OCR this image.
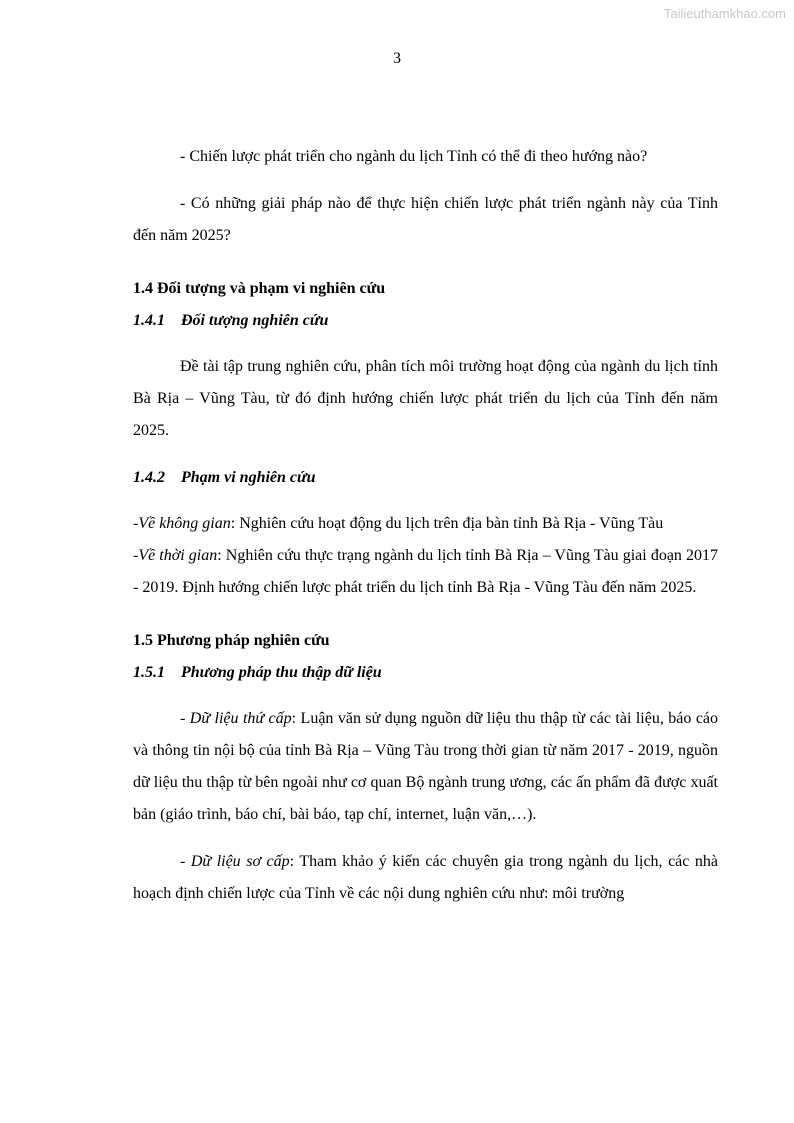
Tailieuthamkhao.com
3

- Chiến lược phát triển cho ngành du lịch Tỉnh có thể đi theo hướng nào?

- Có những giải pháp nào để thực hiện chiến lược phát triển ngành này của Tỉnh đến năm 2025?

1.4 Đối tượng và phạm vi nghiên cứu
1.4.1 Đối tượng nghiên cứu

Đề tài tập trung nghiên cứu, phân tích môi trường hoạt động của ngành du lịch tỉnh Bà Rịa – Vũng Tàu, từ đó định hướng chiến lược phát triển du lịch của Tỉnh đến năm 2025.

1.4.2 Phạm vi nghiên cứu

-Về không gian: Nghiên cứu hoạt động du lịch trên địa bàn tỉnh Bà Rịa - Vũng Tàu

-Về thời gian: Nghiên cứu thực trạng ngành du lịch tỉnh Bà Rịa – Vũng Tàu giai đoạn 2017 - 2019. Định hướng chiến lược phát triển du lịch tỉnh Bà Rịa - Vũng Tàu đến năm 2025.

1.5 Phương pháp nghiên cứu
1.5.1 Phương pháp thu thập dữ liệu

- Dữ liệu thứ cấp: Luận văn sử dụng nguồn dữ liệu thu thập từ các tài liệu, báo cáo và thông tin nội bộ của tỉnh Bà Rịa – Vũng Tàu trong thời gian từ năm 2017 - 2019, nguồn dữ liệu thu thập từ bên ngoài như cơ quan Bộ ngành trung ương, các ấn phẩm đã được xuất bản (giáo trình, báo chí, bài báo, tạp chí, internet, luận văn,…).

- Dữ liệu sơ cấp: Tham khảo ý kiến các chuyên gia trong ngành du lịch, các nhà hoạch định chiến lược của Tỉnh về các nội dung nghiên cứu như: môi trường
